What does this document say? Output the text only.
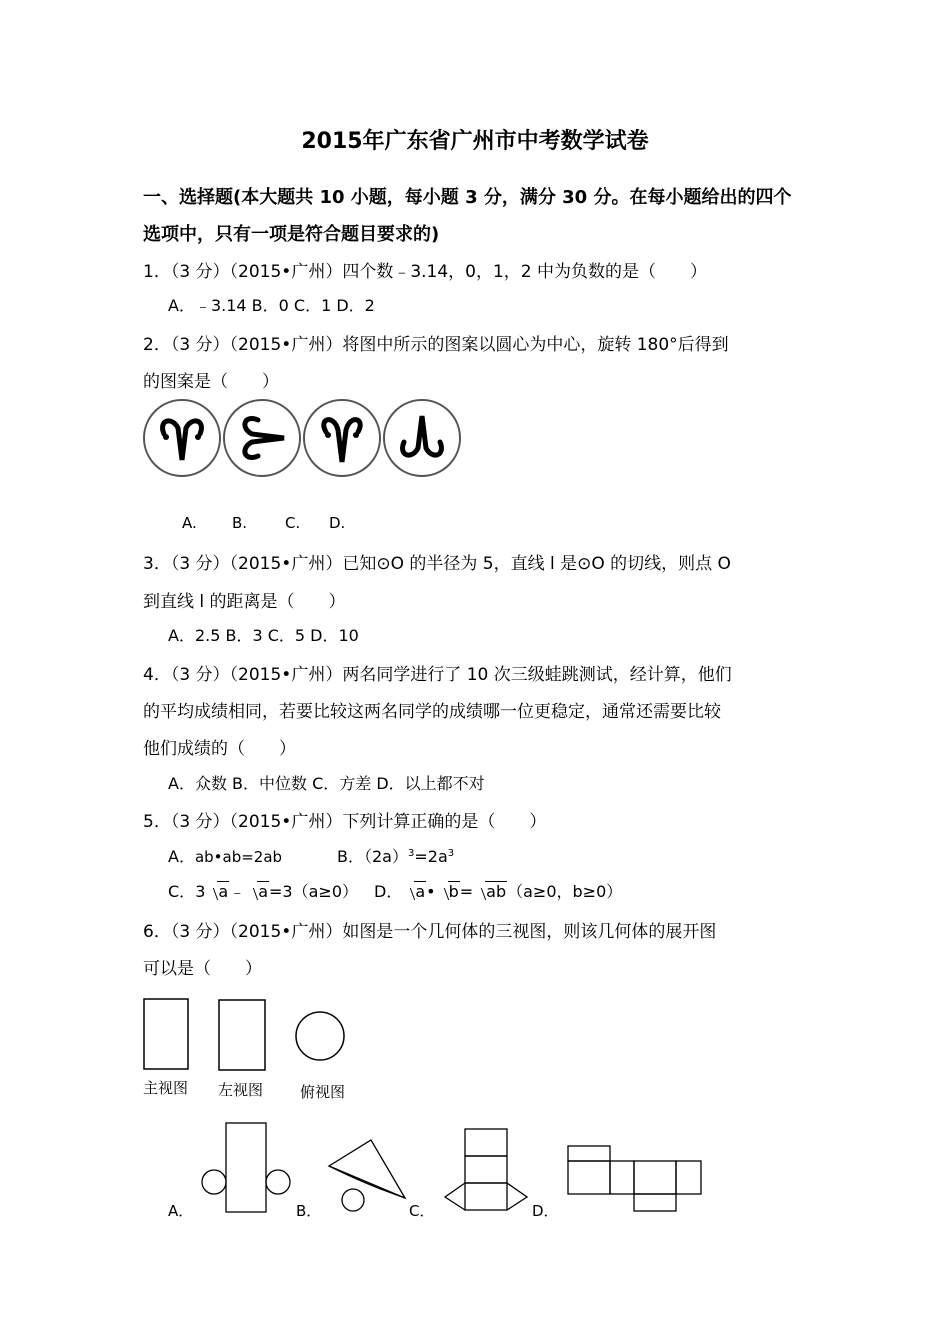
2015年广东省广州市中考数学试卷
一、选择题(本大题共 10 小题，每小题 3 分，满分 30 分。在每小题给出的四个
选项中，只有一项是符合题目要求的)
1．（3 分）（2015•广州）四个数﹣3.14，0，1，2 中为负数的是（　　）
A．﹣3.14 B．0 C．1 D．2
2．（3 分）（2015•广州）将图中所示的图案以圆心为中心，旋转 180°后得到
的图案是（　　）
A. B.	C. D.
3．（3 分）（2015•广州）已知⊙O 的半径为 5，直线 l 是⊙O 的切线，则点 O
到直线 l 的距离是（　　）
A．2.5 B．3 C．5 D．10
4．（3 分）（2015•广州）两名同学进行了 10 次三级蛙跳测试，经计算，他们
的平均成绩相同，若要比较这两名同学的成绩哪一位更稳定，通常还需要比较
他们成绩的（　　）
A．众数 B．中位数 C．方差 D．以上都不对
5．（3 分）（2015•广州）下列计算正确的是（　　）
A．ab•ab=2ab	B．$(2a)^3=2a^3$
C．3 a﹣ a=3（a≥0） D． a• b= ab（a≥0，b≥0）
6．（3 分）（2015•广州）如图是一个几何体的三视图，则该几何体的展开图
可以是（　　）
主视图 左视图 俯视图
A．	B．	C．	D．
